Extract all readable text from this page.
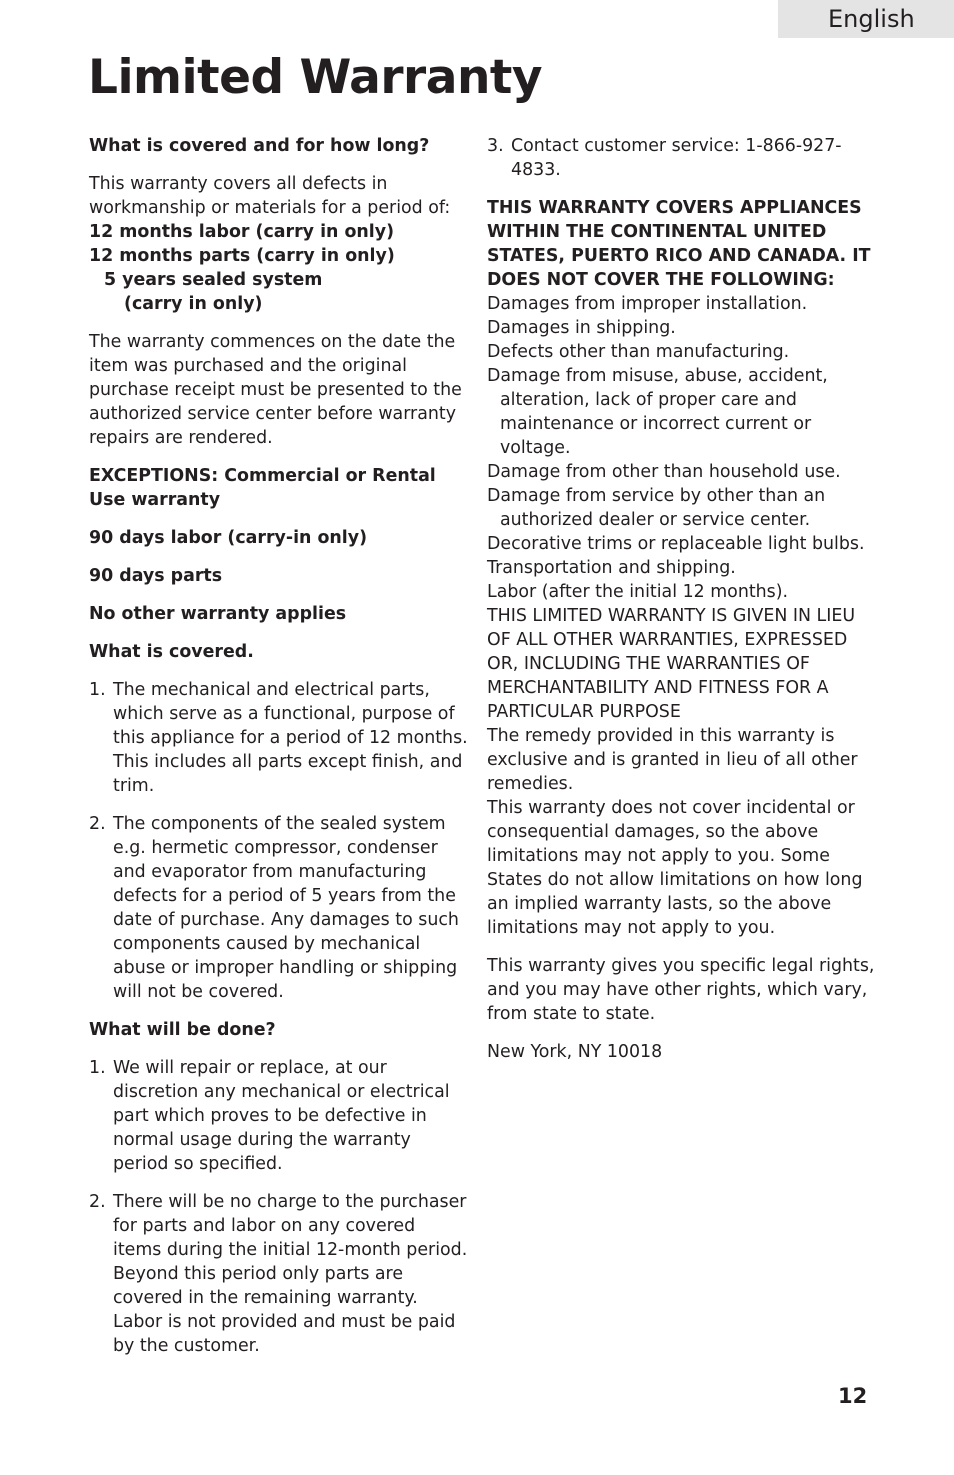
English
Limited Warranty

What is covered and for how long?

This warranty covers all defects in workmanship or materials for a period of:

12 months labor (carry in only)

12 months parts (carry in only)

5 years sealed system

(carry in only)

The warranty commences on the date the item was purchased and the original purchase receipt must be presented to the authorized service center before warranty repairs are rendered.

EXCEPTIONS: Commercial or Rental Use warranty

90 days labor (carry-in only)

90 days parts

No other warranty applies

What is covered.

1. The mechanical and electrical parts, which serve as a functional, purpose of this appliance for a period of 12 months. This includes all parts except finish, and trim.
2. The components of the sealed system e.g. hermetic compressor, condenser and evaporator from manufacturing defects for a period of 5 years from the date of purchase. Any damages to such components caused by mechanical abuse or improper handling or shipping will not be covered.

What will be done?

1. We will repair or replace, at our discretion any mechanical or electrical part which proves to be defective in normal usage during the warranty period so specified.
2. There will be no charge to the purchaser for parts and labor on any covered items during the initial 12-month period. Beyond this period only parts are covered in the remaining warranty. Labor is not provided and must be paid by the customer.
3. Contact customer service: 1-866-927-4833.

THIS WARRANTY COVERS APPLIANCES WITHIN THE CONTINENTAL UNITED STATES, PUERTO RICO AND CANADA. IT DOES NOT COVER THE FOLLOWING:

Damages from improper installation.

Damages in shipping.

Defects other than manufacturing.

Damage from misuse, abuse, accident, alteration, lack of proper care and maintenance or incorrect current or voltage.

Damage from other than household use.

Damage from service by other than an authorized dealer or service center.

Decorative trims or replaceable light bulbs.

Transportation and shipping.

Labor (after the initial 12 months).

THIS LIMITED WARRANTY IS GIVEN IN LIEU OF ALL OTHER WARRANTIES, EXPRESSED OR, INCLUDING THE WARRANTIES OF MERCHANTABILITY AND FITNESS FOR A PARTICULAR PURPOSE

The remedy provided in this warranty is exclusive and is granted in lieu of all other remedies.

This warranty does not cover incidental or consequential damages, so the above limitations may not apply to you. Some States do not allow limitations on how long an implied warranty lasts, so the above limitations may not apply to you.

This warranty gives you specific legal rights, and you may have other rights, which vary, from state to state.

New York, NY 10018

12
